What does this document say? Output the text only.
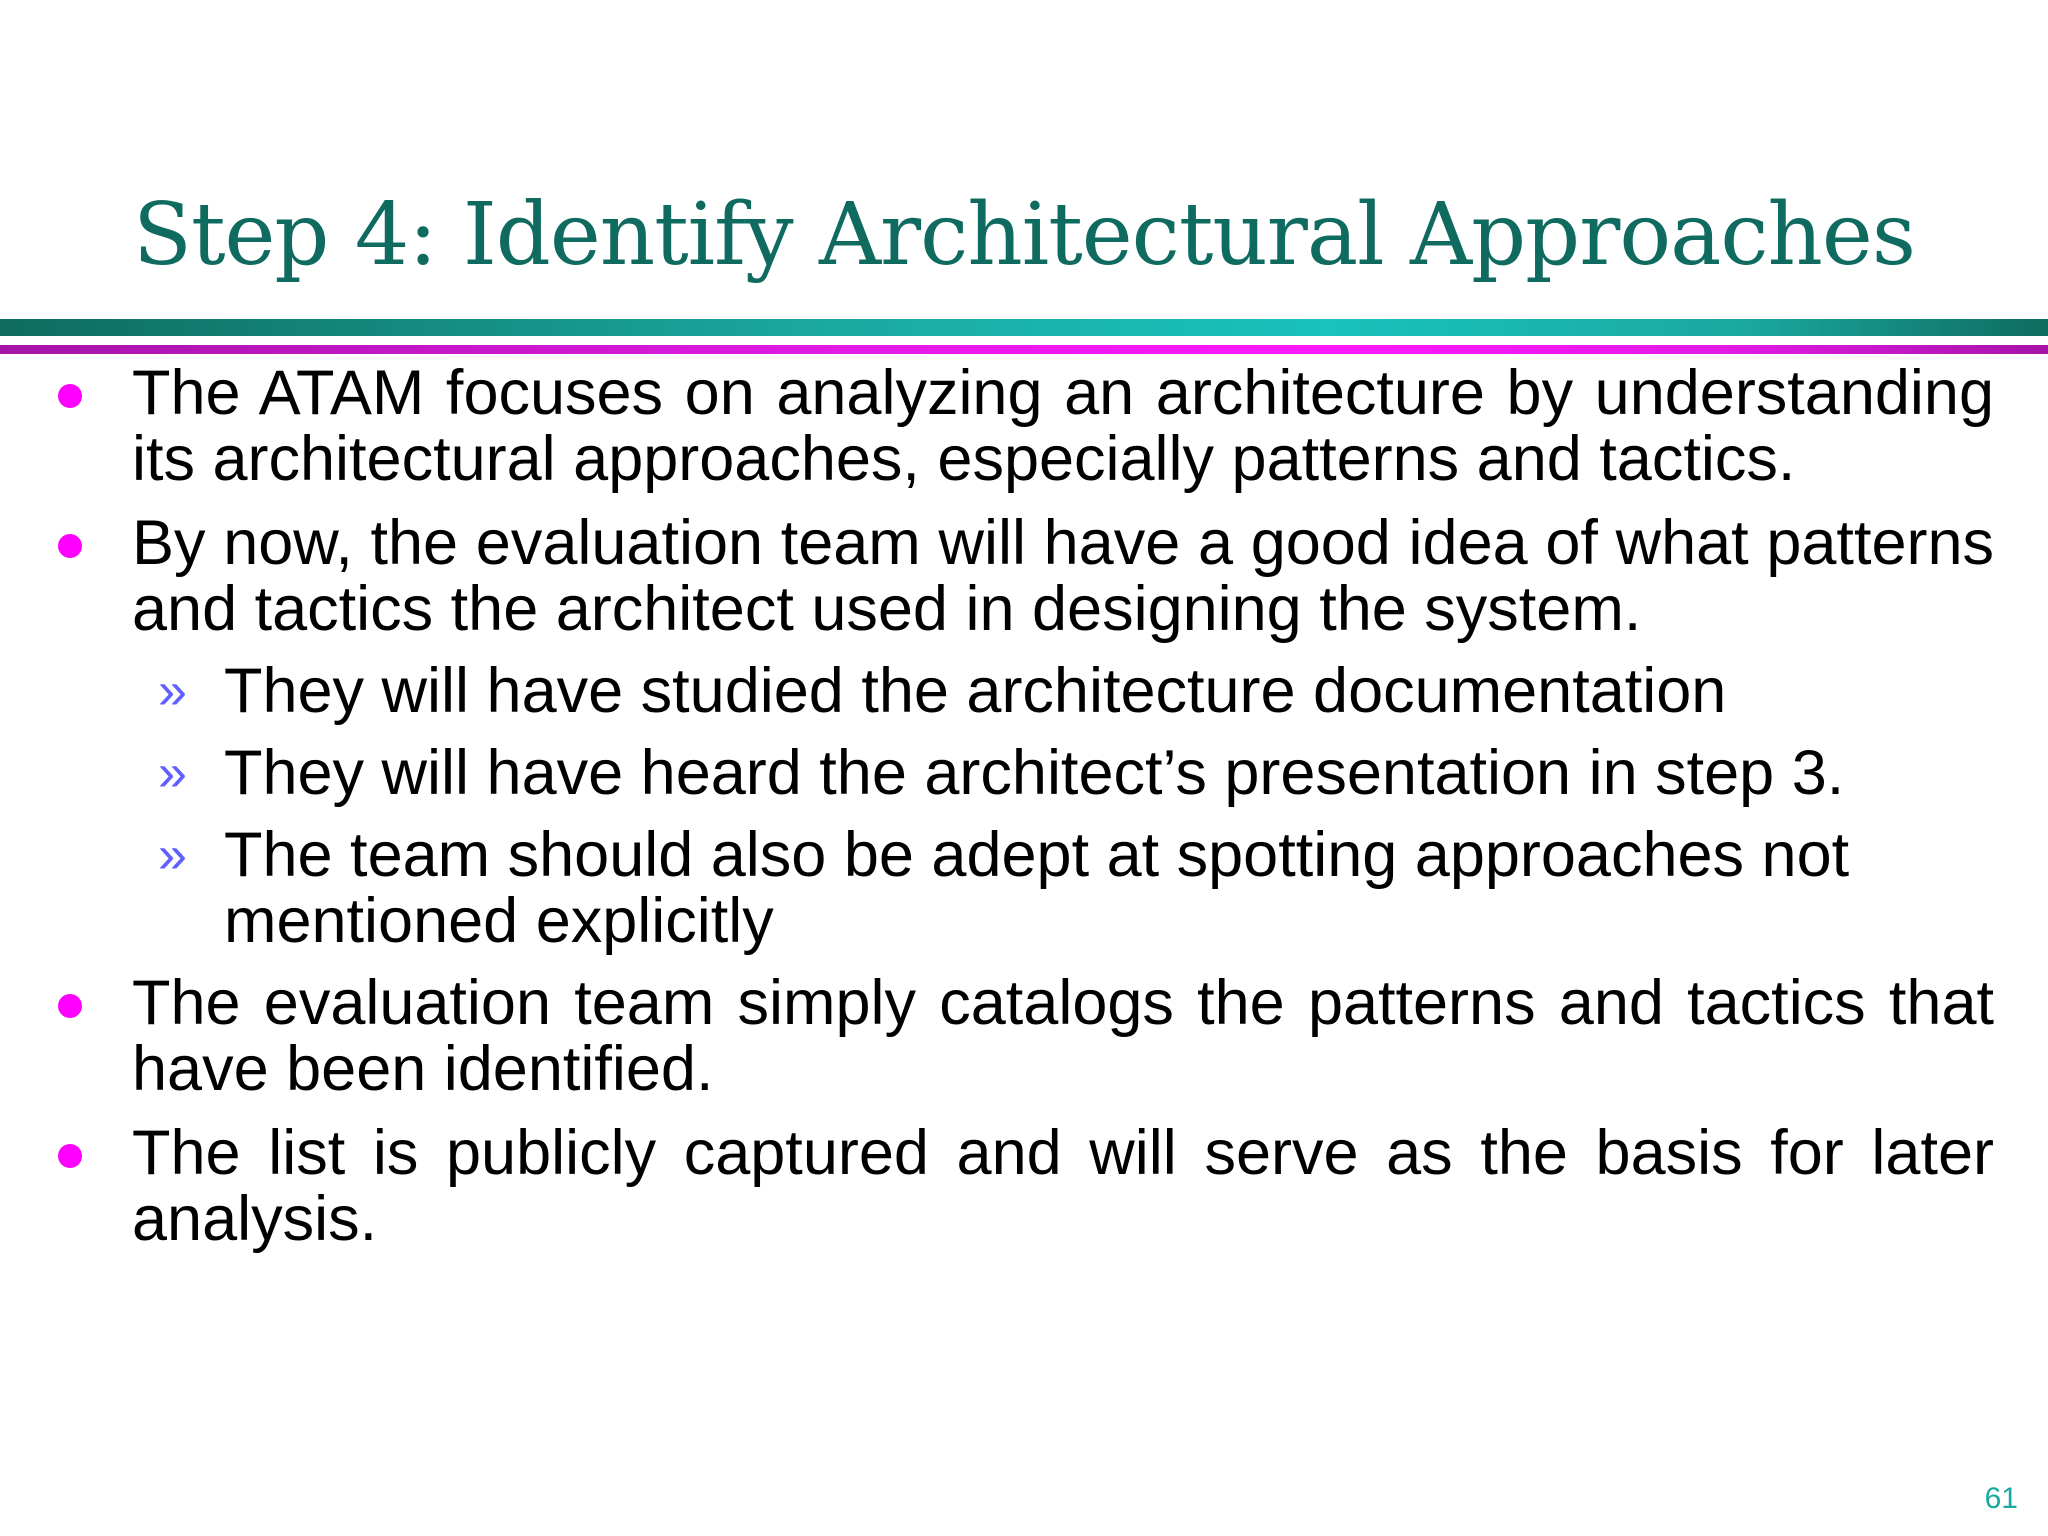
Step 4: Identify Architectural Approaches
The ATAM focuses on analyzing an architecture by understanding its architectural approaches, especially patterns and tactics.
By now, the evaluation team will have a good idea of what patterns and tactics the architect used in designing the system.
» They will have studied the architecture documentation
» They will have heard the architect’s presentation in step 3.
» The team should also be adept at spotting approaches not mentioned explicitly
The evaluation team simply catalogs the patterns and tactics that have been identified.
The list is publicly captured and will serve as the basis for later analysis.
61
